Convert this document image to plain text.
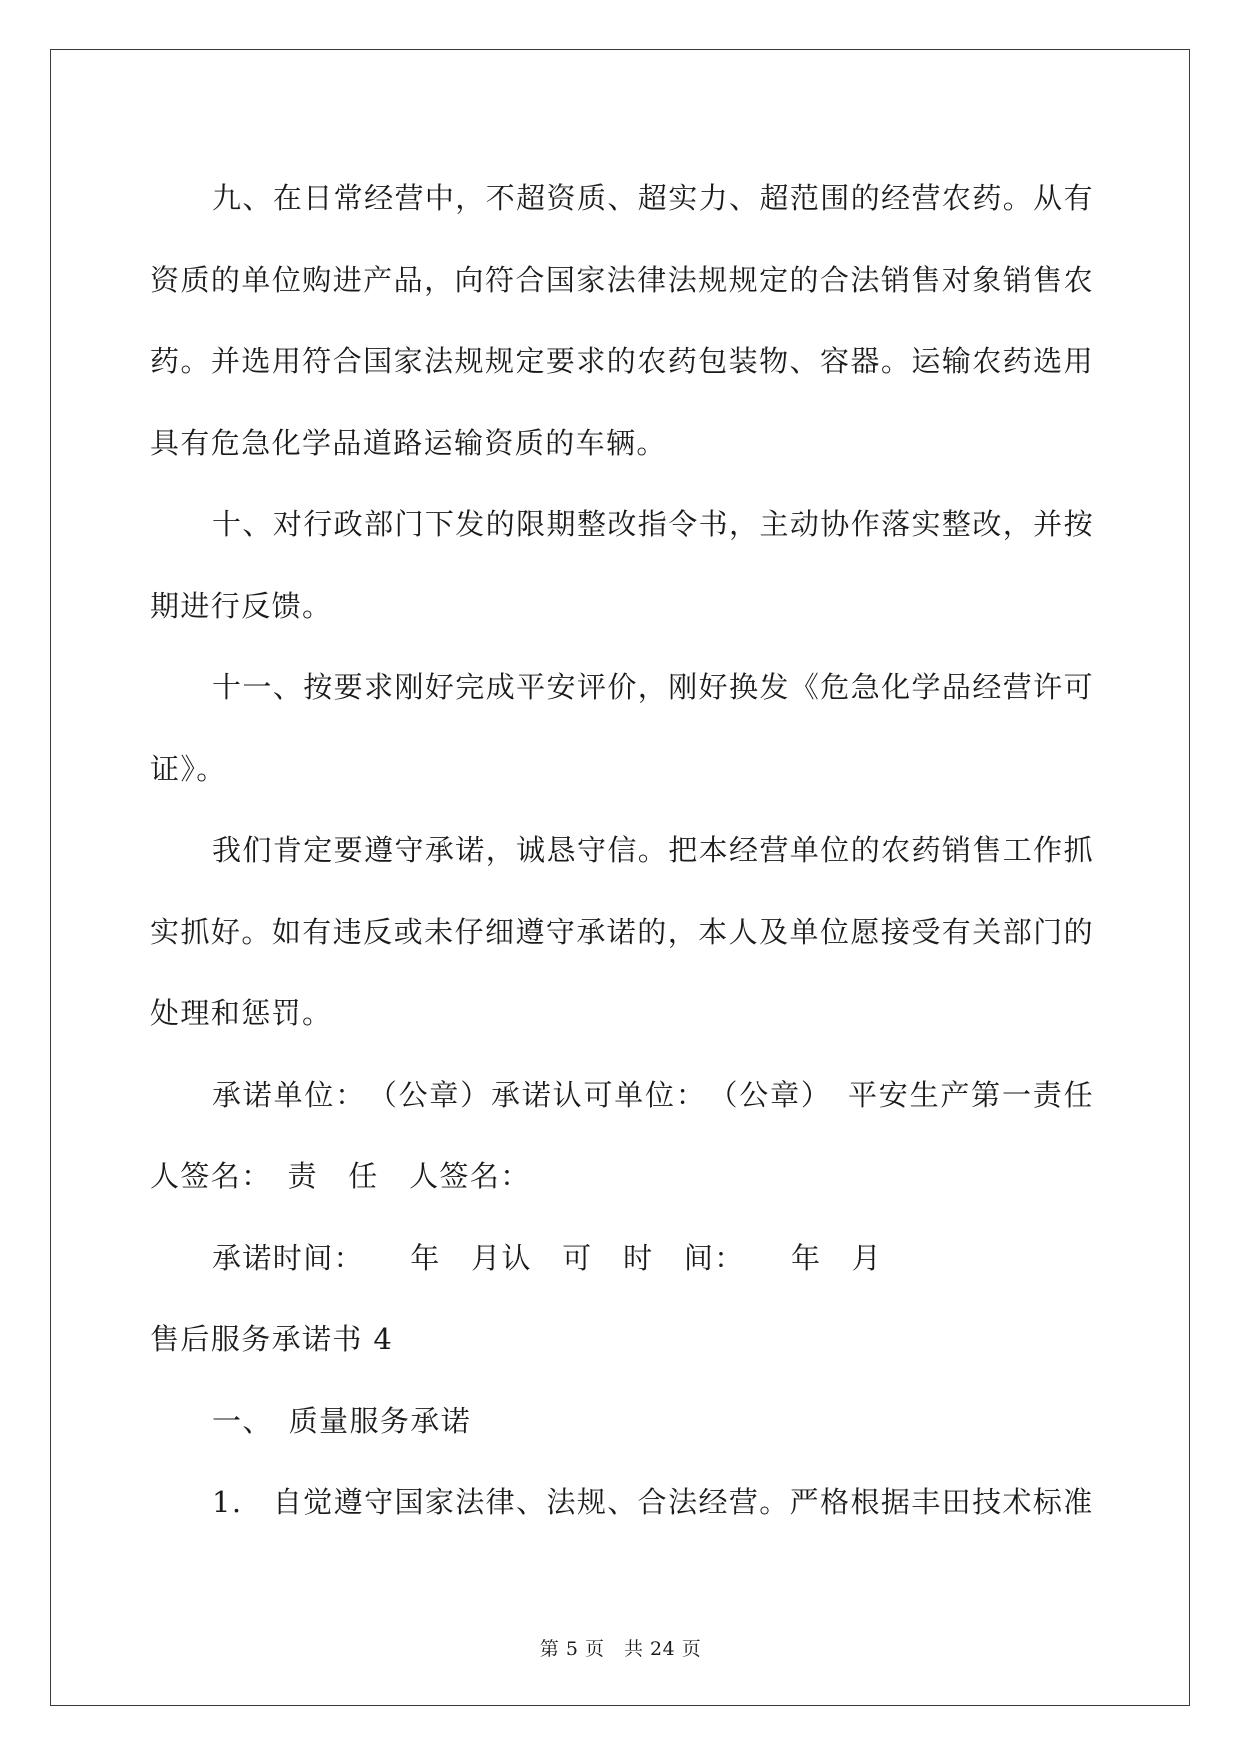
九、在日常经营中，不超资质、超实力、超范围的经营农药。从有资质的单位购进产品，向符合国家法律法规规定的合法销售对象销售农药。并选用符合国家法规规定要求的农药包装物、容器。运输农药选用具有危急化学品道路运输资质的车辆。

十、对行政部门下发的限期整改指令书，主动协作落实整改，并按期进行反馈。

十一、按要求刚好完成平安评价，刚好换发《危急化学品经营许可证》。

我们肯定要遵守承诺，诚恳守信。把本经营单位的农药销售工作抓实抓好。如有违反或未仔细遵守承诺的，本人及单位愿接受有关部门的处理和惩罚。

承诺单位：　（公章）承诺认可单位：　（公章）　平安生产第一责任人签名：　责　任　人签名：

承诺时间：　　年　月认　可　时　间：　　年　月

售后服务承诺书 4

一、　质量服务承诺

1.　自觉遵守国家法律、法规、合法经营。严格根据丰田技术标准

第 5 页　共 24 页
